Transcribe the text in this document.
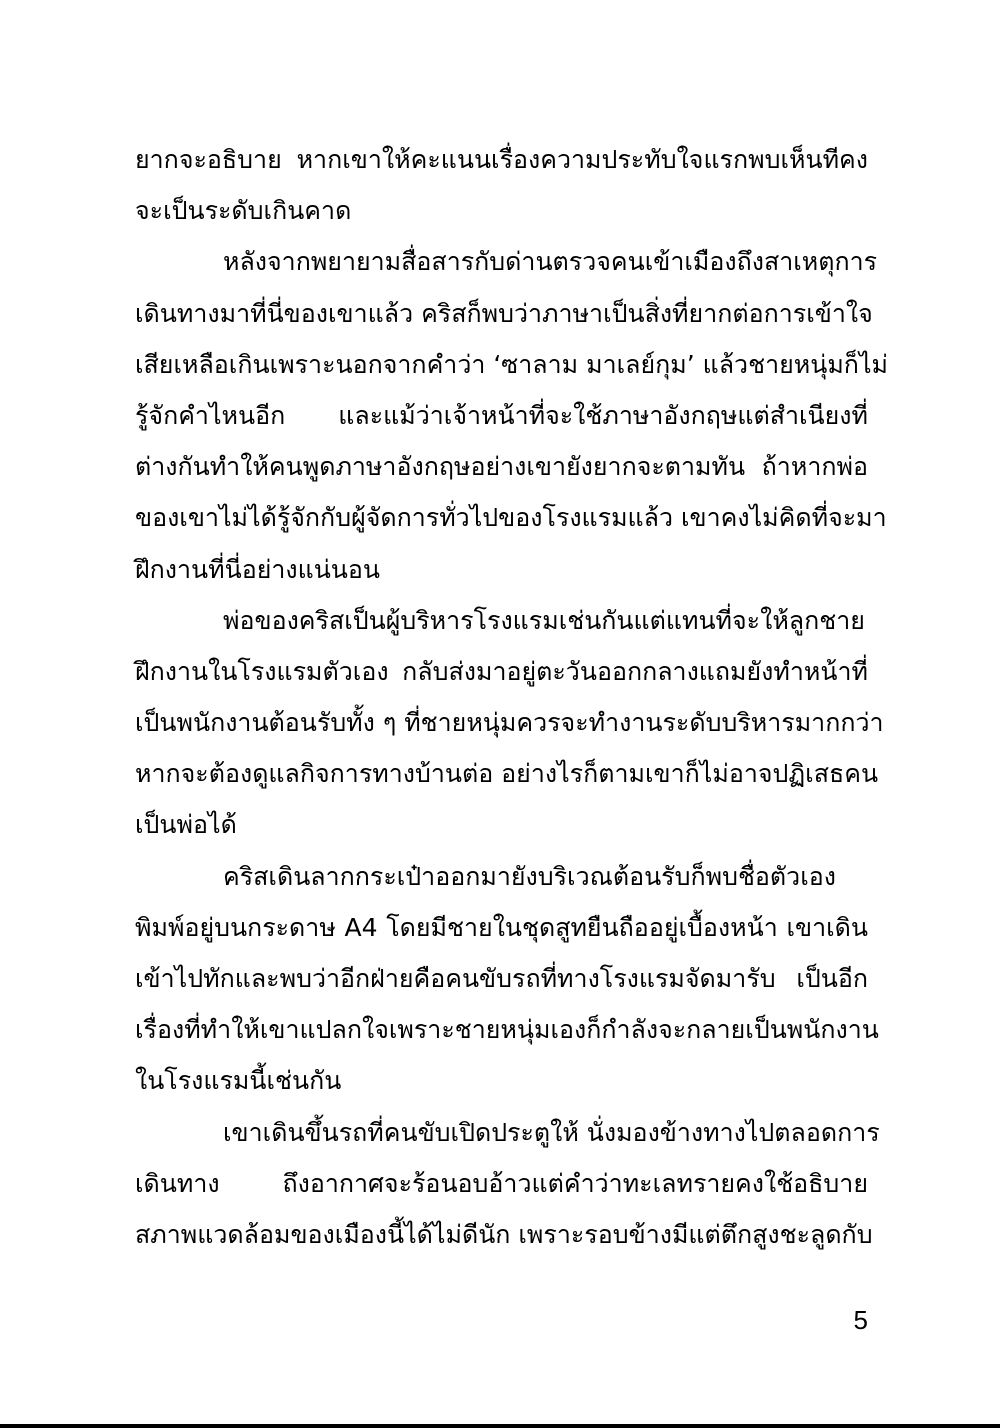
ยากจะอธิบาย หากเขาให้คะแนนเรื่องความประทับใจแรกพบเห็นทีคง
จะเป็นระดับเกินคาด
หลังจากพยายามสื่อสารกับด่านตรวจคนเข้าเมืองถึงสาเหตุการ
เดินทางมาที่นี่ของเขาแล้ว คริสก็พบว่าภาษาเป็นสิ่งที่ยากต่อการเข้าใจ
เสียเหลือเกินเพราะนอกจากคำว่า ‘ซาลาม มาเลย์กุม’ แล้วชายหนุ่มก็ไม่
รู้จักคำไหนอีก และแม้ว่าเจ้าหน้าที่จะใช้ภาษาอังกฤษแต่สำเนียงที่
ต่างกันทำให้คนพูดภาษาอังกฤษอย่างเขายังยากจะตามทัน ถ้าหากพ่อ
ของเขาไม่ได้รู้จักกับผู้จัดการทั่วไปของโรงแรมแล้ว เขาคงไม่คิดที่จะมา
ฝึกงานที่นี่อย่างแน่นอน
พ่อของคริสเป็นผู้บริหารโรงแรมเช่นกันแต่แทนที่จะให้ลูกชาย
ฝึกงานในโรงแรมตัวเอง กลับส่งมาอยู่ตะวันออกกลางแถมยังทำหน้าที่
เป็นพนักงานต้อนรับทั้ง ๆ ที่ชายหนุ่มควรจะทำงานระดับบริหารมากกว่า
หากจะต้องดูแลกิจการทางบ้านต่อ อย่างไรก็ตามเขาก็ไม่อาจปฏิเสธคน
เป็นพ่อได้
คริสเดินลากกระเป๋าออกมายังบริเวณต้อนรับก็พบชื่อตัวเอง
พิมพ์อยู่บนกระดาษ A4 โดยมีชายในชุดสูทยืนถืออยู่เบื้องหน้า เขาเดิน
เข้าไปทักและพบว่าอีกฝ่ายคือคนขับรถที่ทางโรงแรมจัดมารับ เป็นอีก
เรื่องที่ทำให้เขาแปลกใจเพราะชายหนุ่มเองก็กำลังจะกลายเป็นพนักงาน
ในโรงแรมนี้เช่นกัน
เขาเดินขึ้นรถที่คนขับเปิดประตูให้ นั่งมองข้างทางไปตลอดการ
เดินทาง ถึงอากาศจะร้อนอบอ้าวแต่คำว่าทะเลทรายคงใช้อธิบาย
สภาพแวดล้อมของเมืองนี้ได้ไม่ดีนัก เพราะรอบข้างมีแต่ตึกสูงชะลูดกับ
5
